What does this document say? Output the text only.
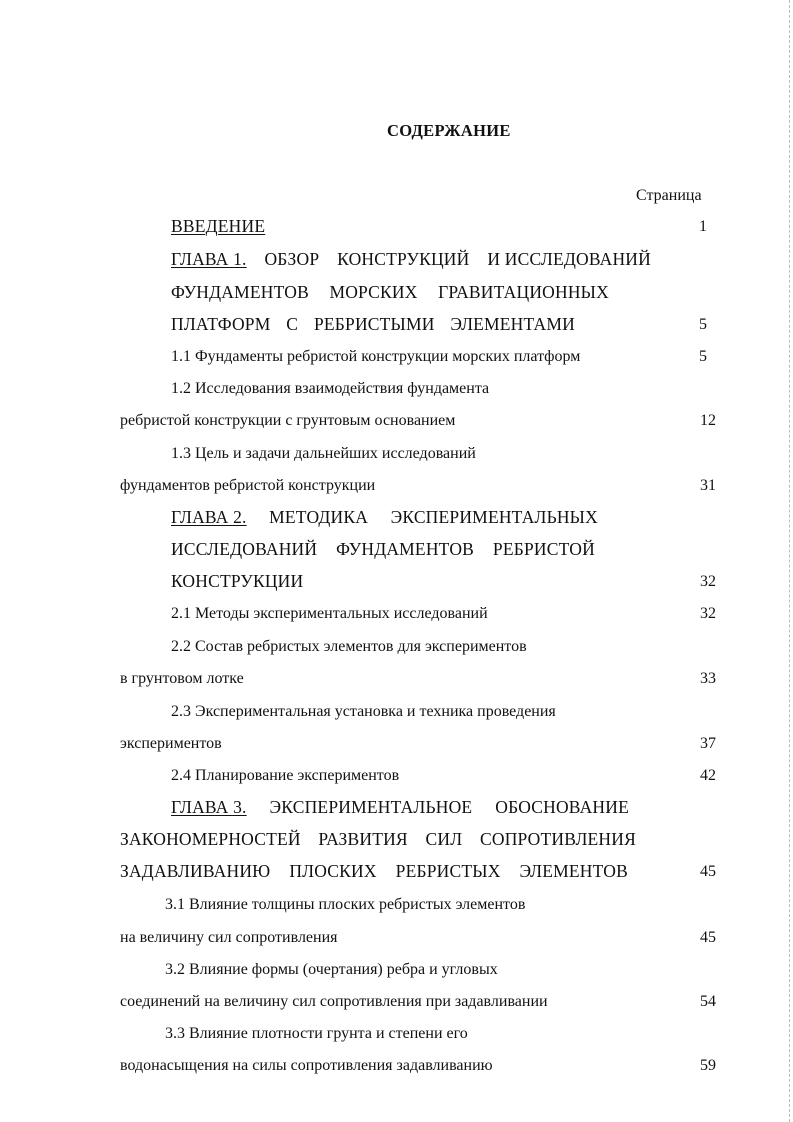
СОДЕРЖАНИЕ
Страница
ВВЕДЕНИЕ	1
ГЛАВА 1. ОБЗОР КОНСТРУКЦИЙ И ИССЛЕДОВАНИЙ
ФУНДАМЕНТОВ МОРСКИХ ГРАВИТАЦИОННЫХ
ПЛАТФОРМ С РЕБРИСТЫМИ ЭЛЕМЕНТАМИ	5
1.1 Фундаменты ребристой конструкции морских платформ	5
1.2 Исследования взаимодействия фундамента
ребристой конструкции с грунтовым основанием	12
1.3 Цель и задачи дальнейших исследований
фундаментов ребристой конструкции	31
ГЛАВА 2. МЕТОДИКА ЭКСПЕРИМЕНТАЛЬНЫХ
ИССЛЕДОВАНИЙ ФУНДАМЕНТОВ РЕБРИСТОЙ
КОНСТРУКЦИИ	32
2.1 Методы экспериментальных исследований	32
2.2 Состав ребристых элементов для экспериментов
в грунтовом лотке	33
2.3 Экспериментальная установка и техника проведения
экспериментов	37
2.4 Планирование экспериментов	42
ГЛАВА 3. ЭКСПЕРИМЕНТАЛЬНОЕ ОБОСНОВАНИЕ
ЗАКОНОМЕРНОСТЕЙ РАЗВИТИЯ СИЛ СОПРОТИВЛЕНИЯ
ЗАДАВЛИВАНИЮ ПЛОСКИХ РЕБРИСТЫХ ЭЛЕМЕНТОВ	45
3.1 Влияние толщины плоских ребристых элементов
на величину сил сопротивления	45
3.2 Влияние формы (очертания) ребра и угловых
соединений на величину сил сопротивления при задавливании	54
3.3 Влияние плотности грунта и степени его
водонасыщения на силы сопротивления задавливанию	59
